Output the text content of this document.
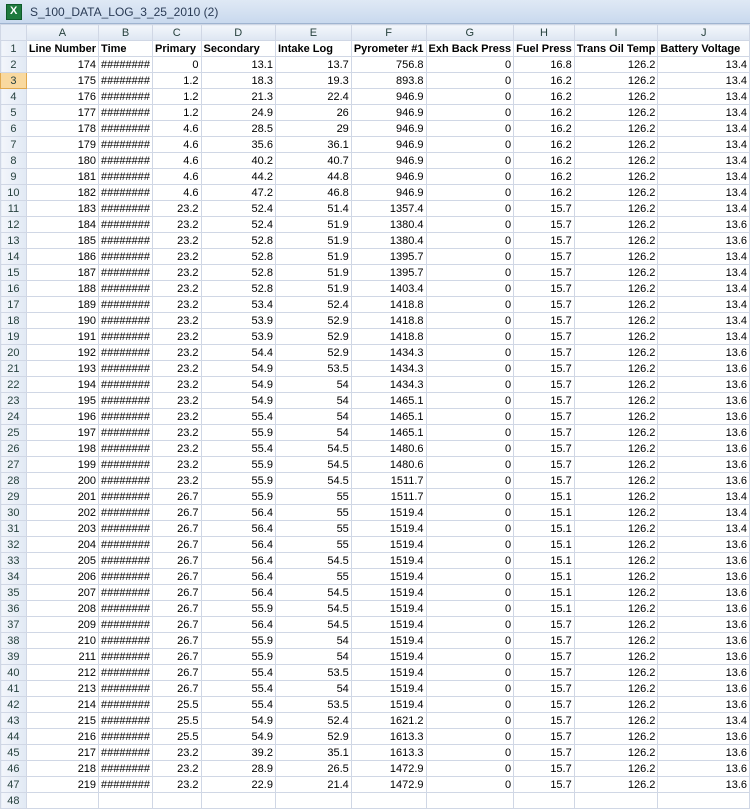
X
S_100_DATA_LOG_3_25_2010 (2)
	A	B	C	D	E	F	G	H	I	J
1	Line Number	Time	Primary	Secondary	Intake Log	Pyrometer #1	Exh Back Press	Fuel Press	Trans Oil Temp	Battery Voltage
2	174	########	0	13.1	13.7	756.8	0	16.8	126.2	13.4
3	175	########	1.2	18.3	19.3	893.8	0	16.2	126.2	13.4
4	176	########	1.2	21.3	22.4	946.9	0	16.2	126.2	13.4
5	177	########	1.2	24.9	26	946.9	0	16.2	126.2	13.4
6	178	########	4.6	28.5	29	946.9	0	16.2	126.2	13.4
7	179	########	4.6	35.6	36.1	946.9	0	16.2	126.2	13.4
8	180	########	4.6	40.2	40.7	946.9	0	16.2	126.2	13.4
9	181	########	4.6	44.2	44.8	946.9	0	16.2	126.2	13.4
10	182	########	4.6	47.2	46.8	946.9	0	16.2	126.2	13.4
11	183	########	23.2	52.4	51.4	1357.4	0	15.7	126.2	13.4
12	184	########	23.2	52.4	51.9	1380.4	0	15.7	126.2	13.6
13	185	########	23.2	52.8	51.9	1380.4	0	15.7	126.2	13.6
14	186	########	23.2	52.8	51.9	1395.7	0	15.7	126.2	13.4
15	187	########	23.2	52.8	51.9	1395.7	0	15.7	126.2	13.4
16	188	########	23.2	52.8	51.9	1403.4	0	15.7	126.2	13.4
17	189	########	23.2	53.4	52.4	1418.8	0	15.7	126.2	13.4
18	190	########	23.2	53.9	52.9	1418.8	0	15.7	126.2	13.4
19	191	########	23.2	53.9	52.9	1418.8	0	15.7	126.2	13.4
20	192	########	23.2	54.4	52.9	1434.3	0	15.7	126.2	13.6
21	193	########	23.2	54.9	53.5	1434.3	0	15.7	126.2	13.6
22	194	########	23.2	54.9	54	1434.3	0	15.7	126.2	13.6
23	195	########	23.2	54.9	54	1465.1	0	15.7	126.2	13.6
24	196	########	23.2	55.4	54	1465.1	0	15.7	126.2	13.6
25	197	########	23.2	55.9	54	1465.1	0	15.7	126.2	13.6
26	198	########	23.2	55.4	54.5	1480.6	0	15.7	126.2	13.6
27	199	########	23.2	55.9	54.5	1480.6	0	15.7	126.2	13.6
28	200	########	23.2	55.9	54.5	1511.7	0	15.7	126.2	13.6
29	201	########	26.7	55.9	55	1511.7	0	15.1	126.2	13.4
30	202	########	26.7	56.4	55	1519.4	0	15.1	126.2	13.4
31	203	########	26.7	56.4	55	1519.4	0	15.1	126.2	13.4
32	204	########	26.7	56.4	55	1519.4	0	15.1	126.2	13.6
33	205	########	26.7	56.4	54.5	1519.4	0	15.1	126.2	13.6
34	206	########	26.7	56.4	55	1519.4	0	15.1	126.2	13.6
35	207	########	26.7	56.4	54.5	1519.4	0	15.1	126.2	13.6
36	208	########	26.7	55.9	54.5	1519.4	0	15.1	126.2	13.6
37	209	########	26.7	56.4	54.5	1519.4	0	15.7	126.2	13.6
38	210	########	26.7	55.9	54	1519.4	0	15.7	126.2	13.6
39	211	########	26.7	55.9	54	1519.4	0	15.7	126.2	13.6
40	212	########	26.7	55.4	53.5	1519.4	0	15.7	126.2	13.6
41	213	########	26.7	55.4	54	1519.4	0	15.7	126.2	13.6
42	214	########	25.5	55.4	53.5	1519.4	0	15.7	126.2	13.6
43	215	########	25.5	54.9	52.4	1621.2	0	15.7	126.2	13.4
44	216	########	25.5	54.9	52.9	1613.3	0	15.7	126.2	13.6
45	217	########	23.2	39.2	35.1	1613.3	0	15.7	126.2	13.6
46	218	########	23.2	28.9	26.5	1472.9	0	15.7	126.2	13.6
47	219	########	23.2	22.9	21.4	1472.9	0	15.7	126.2	13.6
48										
